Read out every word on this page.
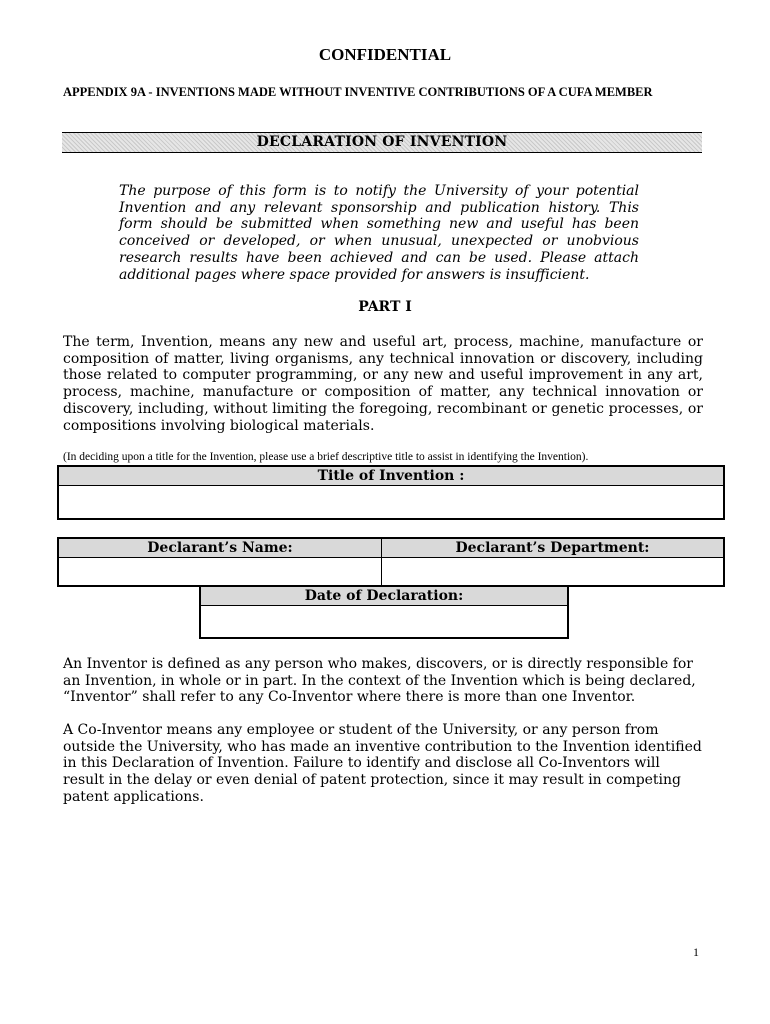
CONFIDENTIAL
APPENDIX 9A - INVENTIONS MADE WITHOUT INVENTIVE CONTRIBUTIONS OF A CUFA MEMBER
DECLARATION OF INVENTION
The purpose of this form is to notify the University of your potential Invention and any relevant sponsorship and publication history. This form should be submitted when something new and useful has been conceived or developed, or when unusual, unexpected or unobvious research results have been achieved and can be used. Please attach additional pages where space provided for answers is insufficient.
PART I
The term, Invention, means any new and useful art, process, machine, manufacture or composition of matter, living organisms, any technical innovation or discovery, including those related to computer programming, or any new and useful improvement in any art, process, machine, manufacture or composition of matter, any technical innovation or discovery, including, without limiting the foregoing, recombinant or genetic processes, or compositions involving biological materials.
(In deciding upon a title for the Invention, please use a brief descriptive title to assist in identifying the Invention).
Title of Invention :
Declarant’s Name:	Declarant’s Department:
Date of Declaration:
An Inventor is defined as any person who makes, discovers, or is directly responsible for an Invention, in whole or in part. In the context of the Invention which is being declared, “Inventor” shall refer to any Co-Inventor where there is more than one Inventor.
A Co-Inventor means any employee or student of the University, or any person from outside the University, who has made an inventive contribution to the Invention identified in this Declaration of Invention. Failure to identify and disclose all Co-Inventors will result in the delay or even denial of patent protection, since it may result in competing patent applications.
1
